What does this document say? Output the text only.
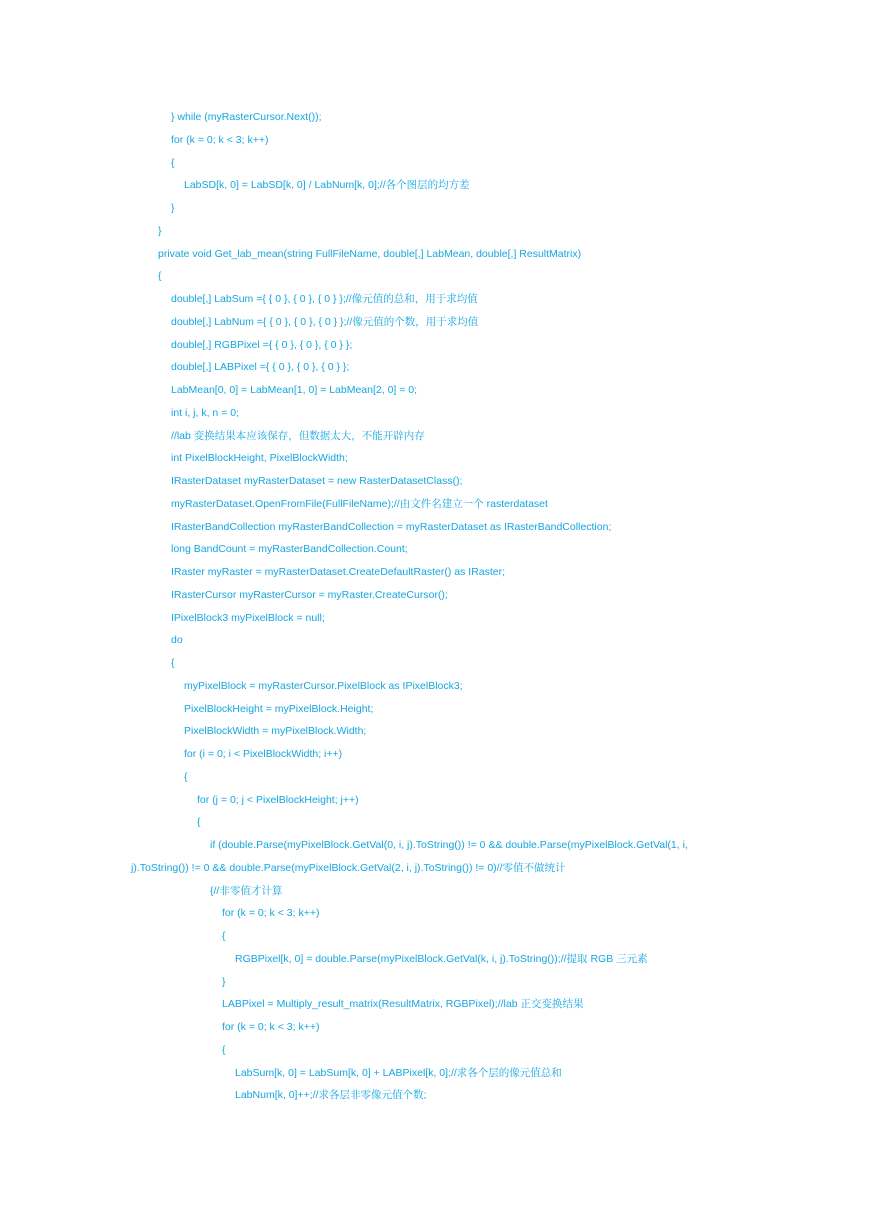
} while (myRasterCursor.Next());
for (k = 0; k < 3; k++)
{
LabSD[k, 0] = LabSD[k, 0] / LabNum[k, 0];//各个图层的均方差
}
}
private void Get_lab_mean(string FullFileName, double[,] LabMean, double[,] ResultMatrix)
{
double[,] LabSum ={ { 0 }, { 0 }, { 0 } };//像元值的总和，用于求均值
double[,] LabNum ={ { 0 }, { 0 }, { 0 } };//像元值的个数，用于求均值
double[,] RGBPixel ={ { 0 }, { 0 }, { 0 } };
double[,] LABPixel ={ { 0 }, { 0 }, { 0 } };
LabMean[0, 0] = LabMean[1, 0] = LabMean[2, 0] = 0;
int i, j, k, n = 0;
//lab 变换结果本应该保存，但数据太大，不能开辟内存
int PixelBlockHeight, PixelBlockWidth;
IRasterDataset myRasterDataset = new RasterDatasetClass();
myRasterDataset.OpenFromFile(FullFileName);//由文件名建立一个 rasterdataset
IRasterBandCollection myRasterBandCollection = myRasterDataset as IRasterBandCollection;
long BandCount = myRasterBandCollection.Count;
IRaster myRaster = myRasterDataset.CreateDefaultRaster() as IRaster;
IRasterCursor myRasterCursor = myRaster.CreateCursor();
IPixelBlock3 myPixelBlock = null;
do
{
myPixelBlock = myRasterCursor.PixelBlock as IPixelBlock3;
PixelBlockHeight = myPixelBlock.Height;
PixelBlockWidth = myPixelBlock.Width;
for (i = 0; i < PixelBlockWidth; i++)
{
for (j = 0; j < PixelBlockHeight; j++)
{
if (double.Parse(myPixelBlock.GetVal(0, i, j).ToString()) != 0 && double.Parse(myPixelBlock.GetVal(1, i,
j).ToString()) != 0 && double.Parse(myPixelBlock.GetVal(2, i, j).ToString()) != 0)//零值不做统计
{//非零值才计算
for (k = 0; k < 3; k++)
{
RGBPixel[k, 0] = double.Parse(myPixelBlock.GetVal(k, i, j).ToString());//提取 RGB 三元素
}
LABPixel = Multiply_result_matrix(ResultMatrix, RGBPixel);//lab 正交变换结果
for (k = 0; k < 3; k++)
{
LabSum[k, 0] = LabSum[k, 0] + LABPixel[k, 0];//求各个层的像元值总和
LabNum[k, 0]++;//求各层非零像元值个数;
